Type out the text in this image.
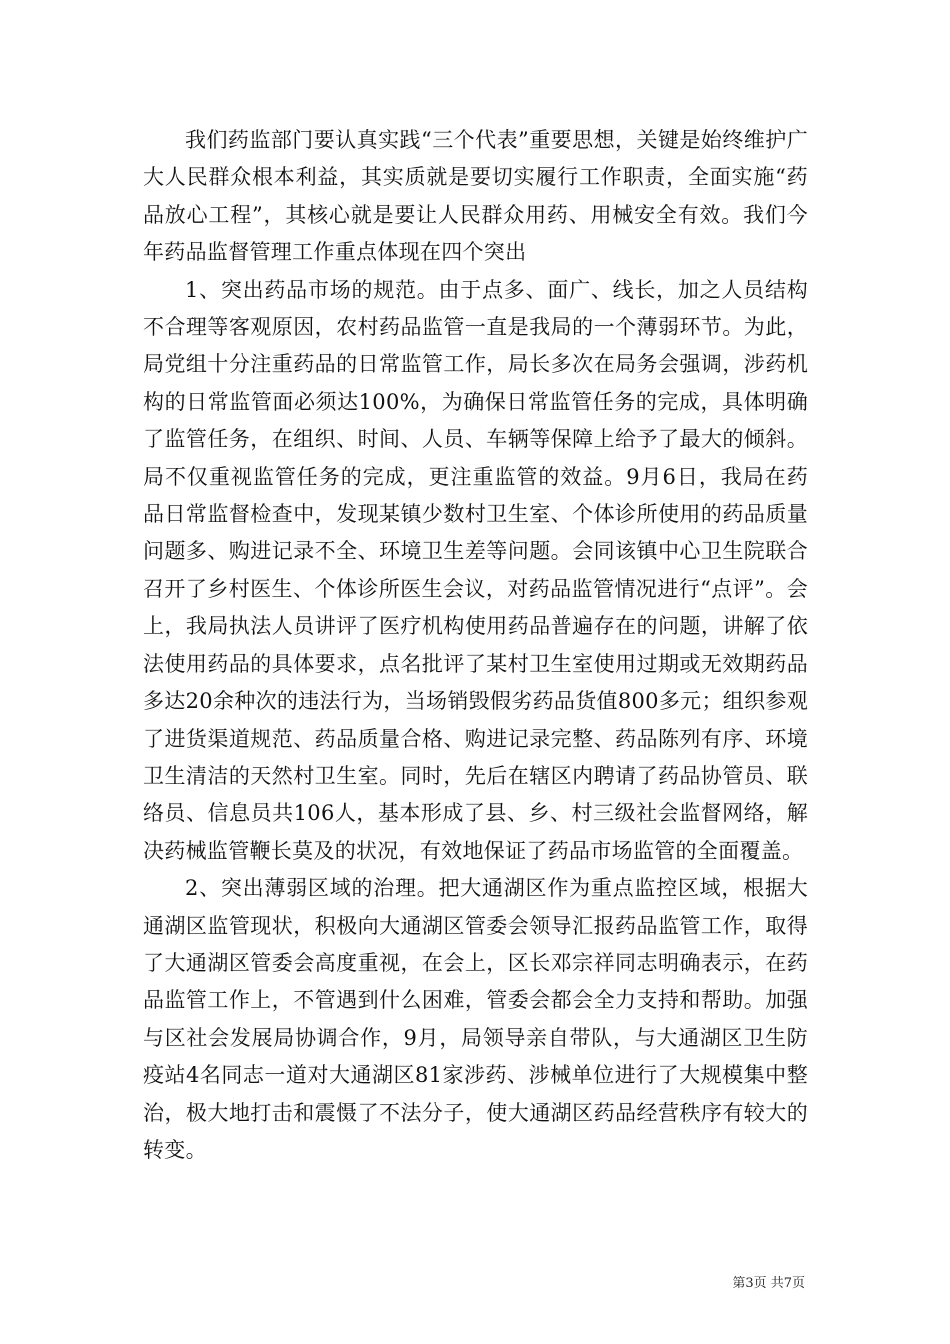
我们药监部门要认真实践“三个代表”重要思想，关键是始终维护广大人民群众根本利益，其实质就是要切实履行工作职责，全面实施“药品放心工程”，其核心就是要让人民群众用药、用械安全有效。我们今年药品监督管理工作重点体现在四个突出

1、突出药品市场的规范。由于点多、面广、线长，加之人员结构不合理等客观原因，农村药品监管一直是我局的一个薄弱环节。为此，局党组十分注重药品的日常监管工作，局长多次在局务会强调，涉药机构的日常监管面必须达100%，为确保日常监管任务的完成，具体明确了监管任务，在组织、时间、人员、车辆等保障上给予了最大的倾斜。局不仅重视监管任务的完成，更注重监管的效益。9月6日，我局在药品日常监督检查中，发现某镇少数村卫生室、个体诊所使用的药品质量问题多、购进记录不全、环境卫生差等问题。会同该镇中心卫生院联合召开了乡村医生、个体诊所医生会议，对药品监管情况进行“点评”。会上，我局执法人员讲评了医疗机构使用药品普遍存在的问题，讲解了依法使用药品的具体要求，点名批评了某村卫生室使用过期或无效期药品多达20余种次的违法行为，当场销毁假劣药品货值800多元；组织参观了进货渠道规范、药品质量合格、购进记录完整、药品陈列有序、环境卫生清洁的天然村卫生室。同时，先后在辖区内聘请了药品协管员、联络员、信息员共106人，基本形成了县、乡、村三级社会监督网络，解决药械监管鞭长莫及的状况，有效地保证了药品市场监管的全面覆盖。

2、突出薄弱区域的治理。把大通湖区作为重点监控区域，根据大通湖区监管现状，积极向大通湖区管委会领导汇报药品监管工作，取得了大通湖区管委会高度重视，在会上，区长邓宗祥同志明确表示，在药品监管工作上，不管遇到什么困难，管委会都会全力支持和帮助。加强与区社会发展局协调合作，9月，局领导亲自带队，与大通湖区卫生防疫站4名同志一道对大通湖区81家涉药、涉械单位进行了大规模集中整治，极大地打击和震慑了不法分子，使大通湖区药品经营秩序有较大的转变。

第3页 共7页
